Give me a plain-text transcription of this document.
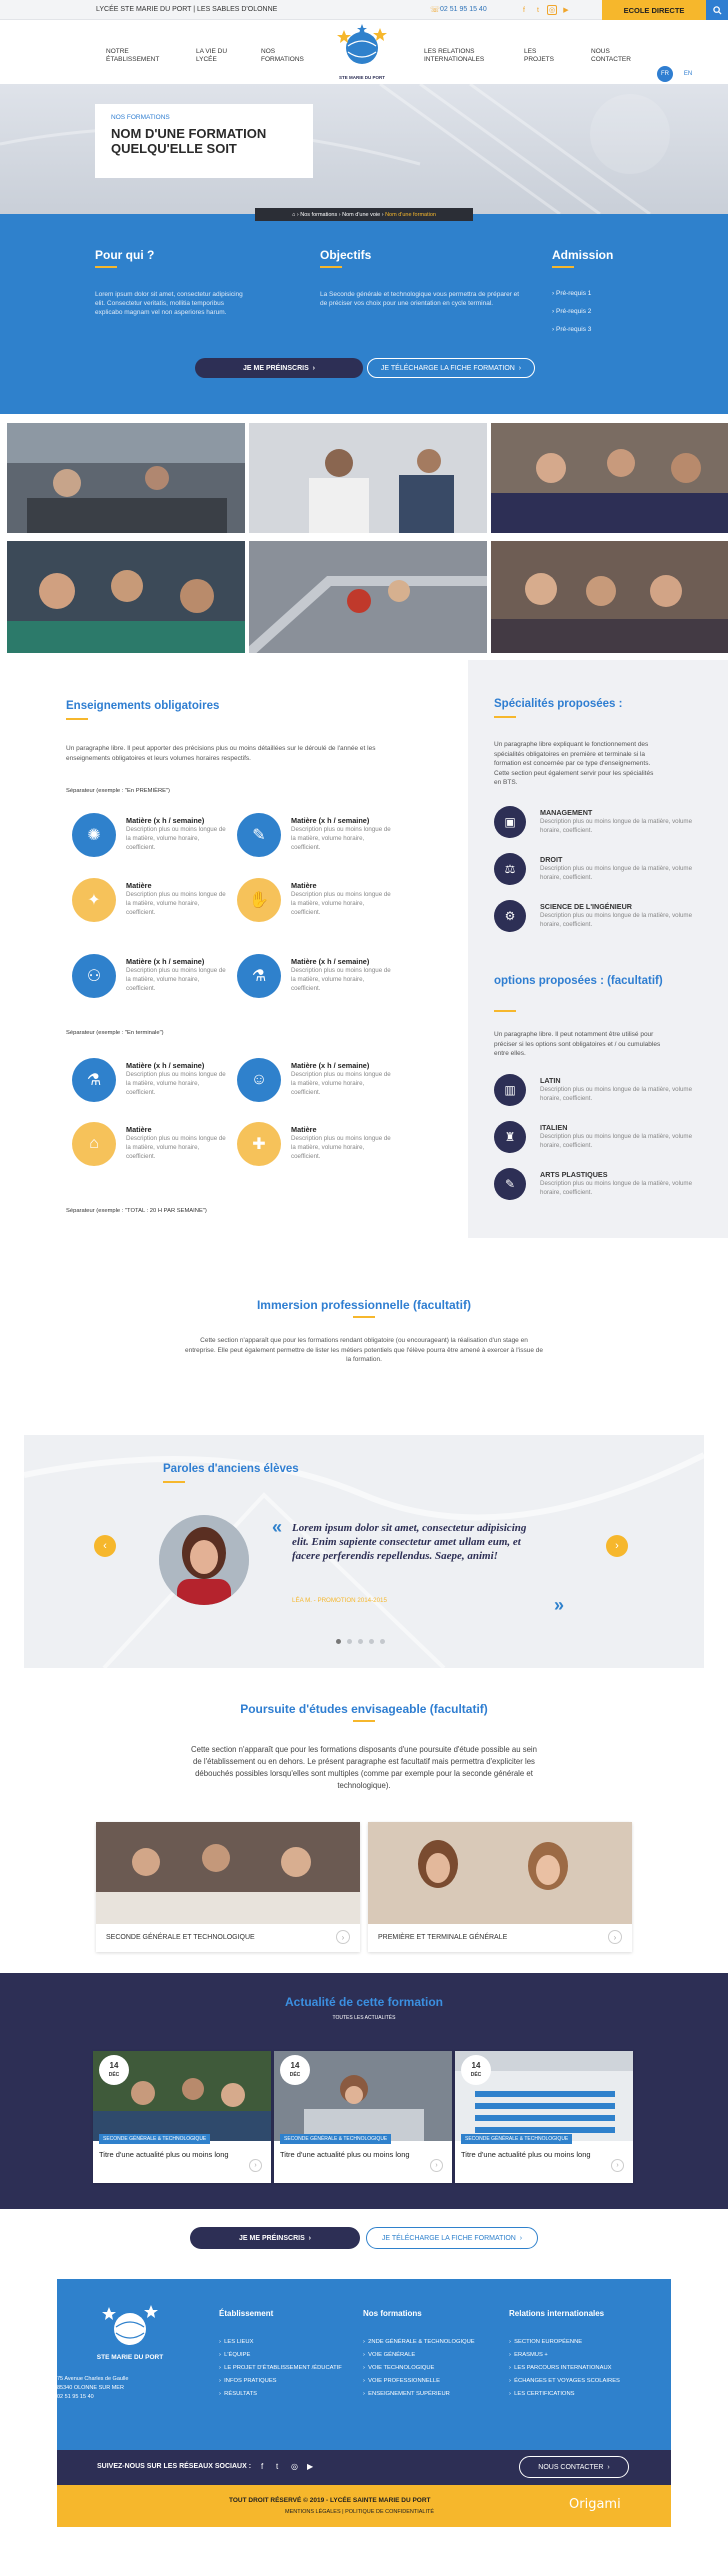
LYCÉE STE MARIE DU PORT | LES SABLES D'OLONNE	☏ 02 51 95 15 40	f	t	◎	▶	ECOLE DIRECTE
NOTRE ÉTABLISSEMENT
LA VIE DU LYCÉE
NOS FORMATIONS
LES RELATIONS INTERNATIONALES
LES PROJETS
NOUS CONTACTER
FR	EN
STE MARIE DU PORT
NOS FORMATIONS
NOM D'UNE FORMATION QUELQU'ELLE SOIT
Pour qui ?
Lorem ipsum dolor sit amet, consectetur adipisicing elit. Consectetur veritatis, mollitia temporibus explicabo magnam vel non asperiores harum.
Objectifs
La Seconde générale et technologique vous permettra de préparer et de préciser vos choix pour une orientation en cycle terminal.
Admission
› Pré-requis 1
› Pré-requis 2
› Pré-requis 3
JE ME PRÉINSCRIS
›	JE TÉLÉCHARGE LA FICHE FORMATION
›
⌂ › Nos formations › Nom d'une voie › Nom d'une formation
Enseignements obligatoires
Un paragraphe libre. Il peut apporter des précisions plus ou moins détaillées sur le déroulé de l'année et les enseignements obligatoires et leurs volumes horaires respectifs.
Séparateur (exemple : "En PREMIÈRE")
✺
Matière (x h / semaine)
Description plus ou moins longue de la matière, volume horaire, coefficient.
✎
Matière (x h / semaine)
Description plus ou moins longue de la matière, volume horaire, coefficient.
✦
Matière
Description plus ou moins longue de la matière, volume horaire, coefficient.
✋
Matière
Description plus ou moins longue de la matière, volume horaire, coefficient.
⚇
Matière (x h / semaine)
Description plus ou moins longue de la matière, volume horaire, coefficient.
⚗
Matière (x h / semaine)
Description plus ou moins longue de la matière, volume horaire, coefficient.
Séparateur (exemple : "En terminale")
⚗
Matière (x h / semaine)
Description plus ou moins longue de la matière, volume horaire, coefficient.
☺
Matière (x h / semaine)
Description plus ou moins longue de la matière, volume horaire, coefficient.
⌂
Matière
Description plus ou moins longue de la matière, volume horaire, coefficient.
✚
Matière
Description plus ou moins longue de la matière, volume horaire, coefficient.
Séparateur (exemple : "TOTAL : 20 H PAR SEMAINE")
Spécialités proposées :
Un paragraphe libre expliquant le fonctionnement des spécialités obligatoires en première et terminale si la formation est concernée par ce type d'enseignements. Cette section peut également servir pour les spécialités en BTS.
▣
MANAGEMENT
Description plus ou moins longue de la matière, volume horaire, coefficient.
⚖
DROIT
Description plus ou moins longue de la matière, volume horaire, coefficient.
⚙
SCIENCE DE L'INGÉNIEUR
Description plus ou moins longue de la matière, volume horaire, coefficient.
options proposées : (facultatif)
Un paragraphe libre. Il peut notamment être utilisé pour préciser si les options sont obligatoires et / ou cumulables entre elles.
▥
LATIN
Description plus ou moins longue de la matière, volume horaire, coefficient.
♜
ITALIEN
Description plus ou moins longue de la matière, volume horaire, coefficient.
✎
ARTS PLASTIQUES
Description plus ou moins longue de la matière, volume horaire, coefficient.
Immersion professionnelle (facultatif)
Cette section n'apparaît que pour les formations rendant obligatoire (ou encourageant) la réalisation d'un stage en entreprise. Elle peut également permettre de lister les métiers potentiels que l'élève pourra être amené à exercer à l'issue de la formation.
Paroles d'anciens élèves
‹	›
« Lorem ipsum dolor sit amet, consectetur adipisicing elit. Enim sapiente consectetur amet ullam eum, et facere perferendis repellendus. Saepe, animi!
LÉA M. - PROMOTION 2014-2015	»
Poursuite d'études envisageable (facultatif)
Cette section n'apparaît que pour les formations disposants d'une poursuite d'étude possible au sein de l'établissement ou en dehors. Le présent paragraphe est facultatif mais permettra d'expliciter les débouchés possibles lorsqu'elles sont multiples (comme par exemple pour la seconde générale et technologique).
SECONDE GÉNÉRALE ET TECHNOLOGIQUE	›	PREMIÈRE ET TERMINALE GÉNÉRALE	›
Actualité de cette formation
TOUTES LES ACTUALITÉS
14
DÉC
SECONDE GÉNÉRALE & TECHNOLOGIQUE
Titre d'une actualité plus ou moins long
›
14
DÉC
SECONDE GÉNÉRALE & TECHNOLOGIQUE
Titre d'une actualité plus ou moins long
›
14
DÉC
SECONDE GÉNÉRALE & TECHNOLOGIQUE
Titre d'une actualité plus ou moins long
›
JE ME PRÉINSCRIS
›	JE TÉLÉCHARGE LA FICHE FORMATION
›
STE MARIE DU PORT
75 Avenue Charles de Gaulle
85340 OLONNE SUR MER
02 51 95 15 40
Établissement
›  LES LIEUX
›  L'ÉQUIPE
›  LE PROJET D'ÉTABLISSEMENT /ÉDUCATIF
›  INFOS PRATIQUES
›  RÉSULTATS
Nos formations
›  2NDE GÉNÉRALE & TECHNOLOGIQUE
›  VOIE GÉNÉRALE
›  VOIE TECHNOLOGIQUE
›  VOIE PROFESSIONNELLE
›  ENSEIGNEMENT SUPÉRIEUR
Relations internationales
›  SECTION EUROPÉENNE
›  ERASMUS +
›  LES PARCOURS INTERNATIONAUX
›  ÉCHANGES ET VOYAGES SCOLAIRES
›  LES CERTIFICATIONS
SUIVEZ-NOUS SUR LES RÉSEAUX SOCIAUX : f t ◎ ▶	NOUS CONTACTER
›
TOUT DROIT RÉSERVÉ © 2019 - LYCÉE SAINTE MARIE DU PORT
MENTIONS LÉGALES | POLITIQUE DE CONFIDENTIALITÉ	Origami
